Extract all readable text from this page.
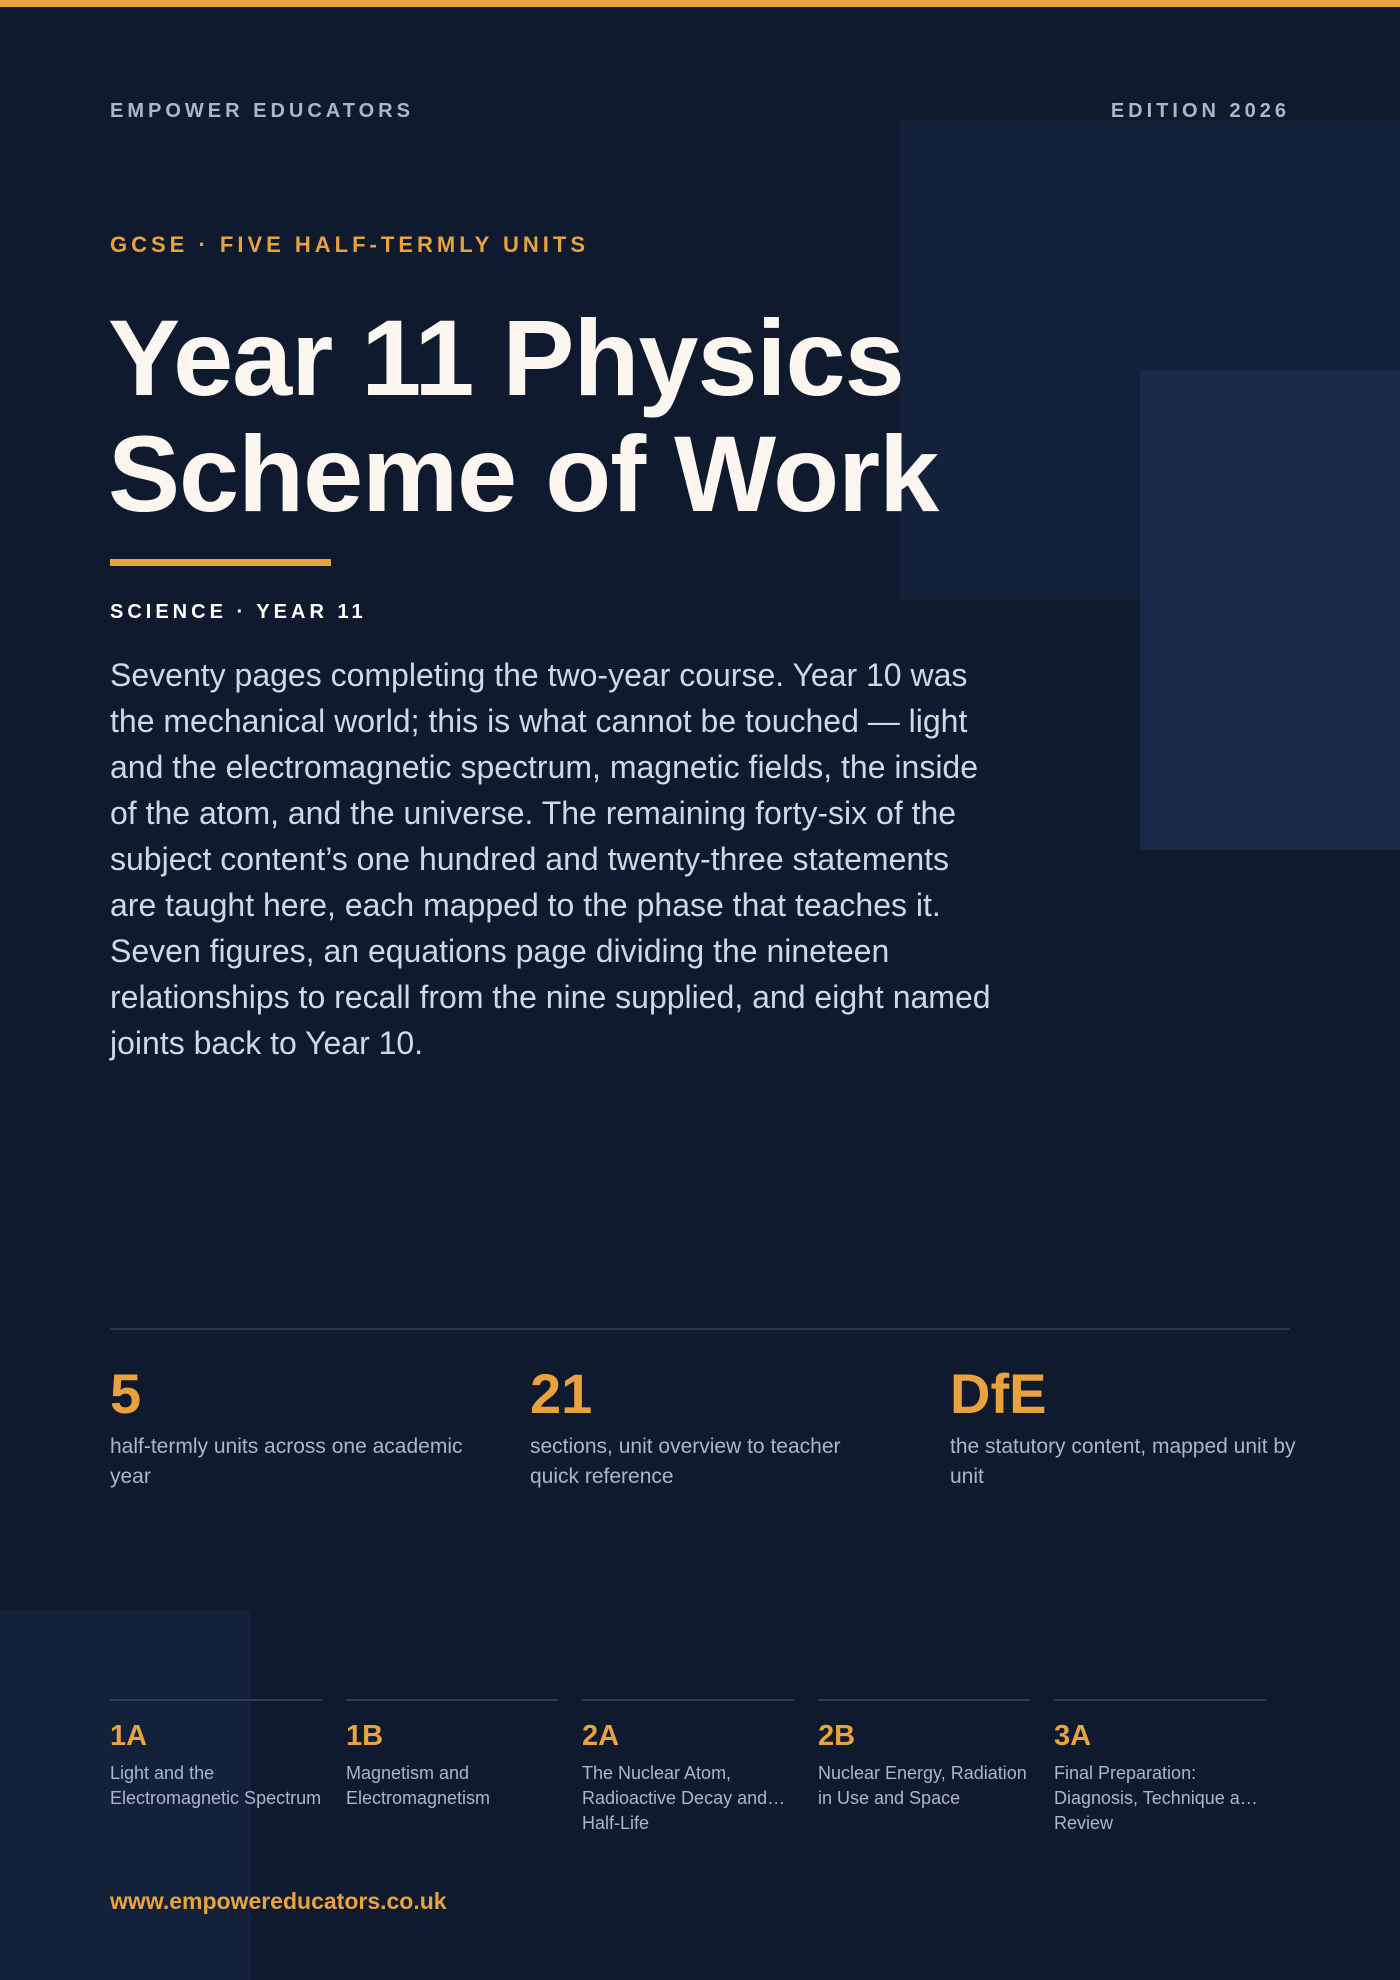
EMPOWER EDUCATORS	EDITION 2026
GCSE · FIVE HALF-TERMLY UNITS
Year 11 Physics
Scheme of Work
SCIENCE · YEAR 11

Seventy pages completing the two-year course. Year 10 was the mechanical world; this is what cannot be touched — light and the electromagnetic spectrum, magnetic fields, the inside of the atom, and the universe. The remaining forty-six of the subject content’s one hundred and twenty-three statements are taught here, each mapped to the phase that teaches it. Seven figures, an equations page dividing the nineteen relationships to recall from the nine supplied, and eight named joints back to Year 10.

5
half-termly units across one academic year
21
sections, unit overview to teacher quick reference
DfE
the statutory content, mapped unit by unit
1A
Light and the Electromagnetic Spectrum
1B
Magnetism and Electromagnetism
2A
The Nuclear Atom, Radioactive Decay and Half-Life
2B
Nuclear Energy, Radiation in Use and Space
3A
Final Preparation: Diagnosis, Technique and Review
www.empowereducators.co.uk
